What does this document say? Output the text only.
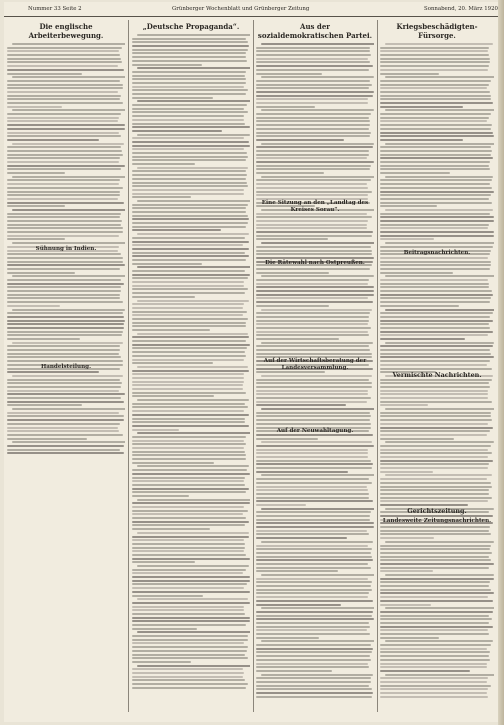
Nummer 33 Seite 2	Grünberger Wochenblatt und Grünberger Zeitung	Sonnabend, 20. März 1920
Die englische Arbeiterbewegung.
Sühnung in Indien.
Handelsteilung.
„Deutsche Propaganda“.	Aus der sozialdemokratischen Partei.
Eine Sitzung an den „Landtag des Kreises Sorau“.
Die Rätewahl nach Ostpreußen.
Auf der Wirtschaftsberatung der Landesversammlung.
Auf der Neuwahltagung.
Kriegsbeschädigten-Fürsorge.
Beitragsnachrichten.
Vermischte Nachrichten.
Gerichtszeitung.
Landesweite Zeitungsnachrichten.
